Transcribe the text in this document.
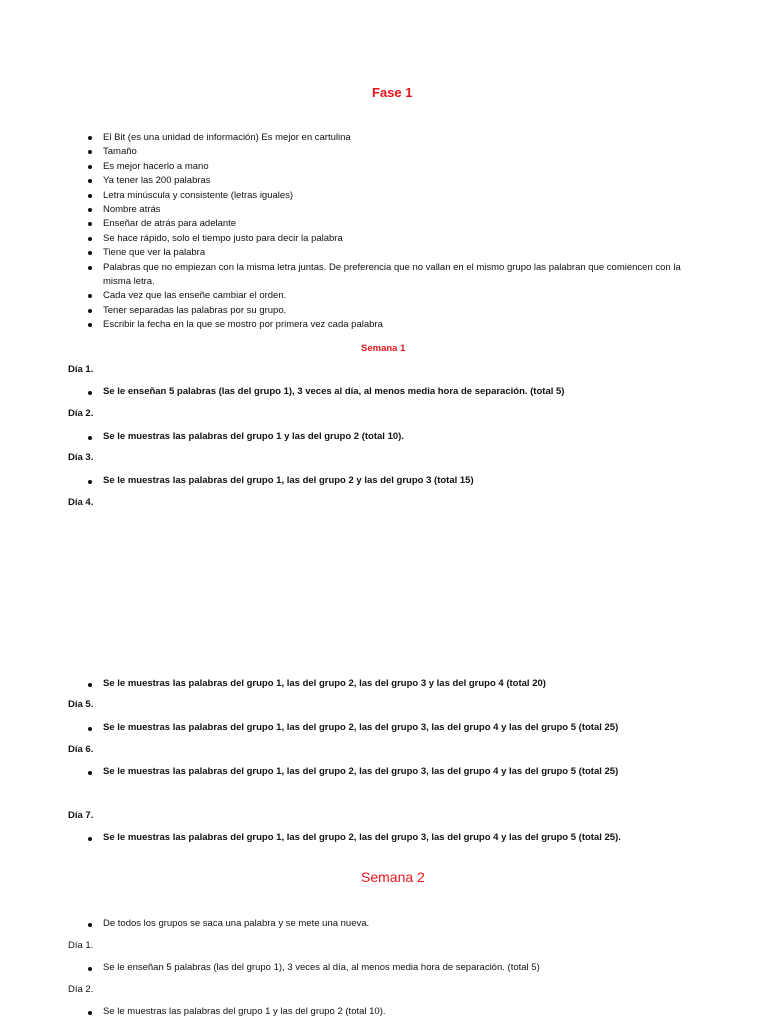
Fase 1
El Bit (es una unidad de información) Es mejor en cartulina
Tamaño
Es mejor hacerlo a mano
Ya tener las 200 palabras
Letra minúscula y consistente (letras iguales)
Nombre atrás
Enseñar de atrás para adelante
Se hace rápido, solo el tiempo justo para decir la palabra
Tiene que ver la palabra
Palabras que no empiezan con la misma letra juntas. De preferencia que no vallan en el mismo grupo las palabran que comiencen con la misma letra.
Cada vez que las enseñe cambiar el orden.
Tener separadas las palabras por su grupo.
Escribir la fecha en la que se mostro por primera vez cada palabra
Semana 1
Día 1.
Se le enseñan 5 palabras (las del grupo 1), 3 veces al día, al menos media hora de separación. (total 5)
Día 2.
Se le muestras las palabras del grupo 1 y las del grupo 2 (total 10).
Día 3.
Se le muestras las palabras del grupo 1, las del grupo 2 y las del grupo 3 (total 15)
Día 4.
Se le muestras las palabras del grupo 1, las del grupo 2, las del grupo 3 y las del grupo 4 (total 20)
Día 5.
Se le muestras las palabras del grupo 1, las del grupo 2, las del grupo 3, las del grupo 4 y las del grupo 5 (total 25)
Día 6.
Se le muestras las palabras del grupo 1, las del grupo 2, las del grupo 3, las del grupo 4 y las del grupo 5 (total 25)
Día 7.
Se le muestras las palabras del grupo 1, las del grupo 2, las del grupo 3, las del grupo 4 y las del grupo 5 (total 25).
Semana 2
De todos los grupos se saca una palabra y se mete una nueva.
Día 1.
Se le enseñan 5 palabras (las del grupo 1), 3 veces al día, al menos media hora de separación. (total 5)
Día 2.
Se le muestras las palabras del grupo 1 y las del grupo 2 (total 10).
